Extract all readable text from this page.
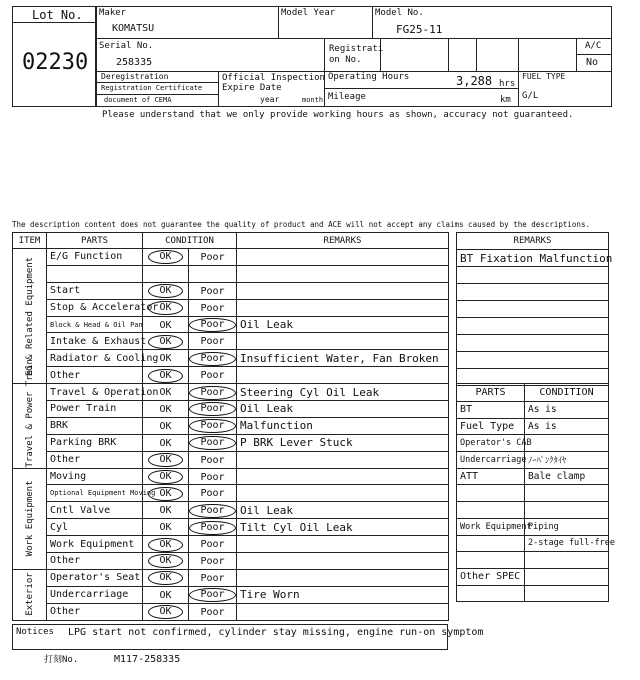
Lot No.
02230
Maker
KOMATSU
Model Year	Model No.
FG25-11
Serial No.
258335
Registrati
on No.
A/C
No
Deregistration
Registration Certificate
document of CEMA
Official Inspection
Expire Date
year	month
Operating Hours	3,288 hrs
km
Mileage
FUEL TYPE
G/L
Please understand that we only provide working hours as shown, accuracy not guaranteed.
The description content does not guarantee the quality of product and ACE will not accept any claims caused by the descriptions.
ITEM	PARTS	CONDITION		REMARKS
EG & Related Equipment	E/G Function	OK	Poor	

	Start	OK	Poor	
	Stop & Accelerator	OK	Poor	
	Block & Head & Oil Pan	OK	Poor	Oil Leak
	Intake & Exhaust	OK	Poor	
	Radiator & Cooling	OK	Poor	Insufficient Water, Fan Broken
	Other	OK	Poor	
Travel & Power Train	Travel & Operation	OK	Poor	Steering Cyl Oil Leak
	Power Train	OK	Poor	Oil Leak
	BRK	OK	Poor	Malfunction
	Parking BRK	OK	Poor	P BRK Lever Stuck
	Other	OK	Poor	
Work Equipment	Moving	OK	Poor	
	Optional Equipment Moving	OK	Poor	
	Cntl Valve	OK	Poor	Oil Leak
	Cyl	OK	Poor	Tilt Cyl Oil Leak
	Work Equipment	OK	Poor	
	Other	OK	Poor	
Exterior	Operator's Seat	OK	Poor	
	Undercarriage	OK	Poor	Tire Worn
	Other	OK	Poor	
Notices LPG start not confirmed, cylinder stay missing, engine run-on symptom
REMARKS
BT Fixation Malfunction

PARTS	CONDITION
BT	As is
Fuel Type	As is
Operator's CAB	
Undercarriage	ﾉｰﾊﾟﾝｸﾀｲﾔ
ATT	Bale clamp

Work Equipment	Piping
	2-stage full-free

Other SPEC	

打刻No.	M117-258335
